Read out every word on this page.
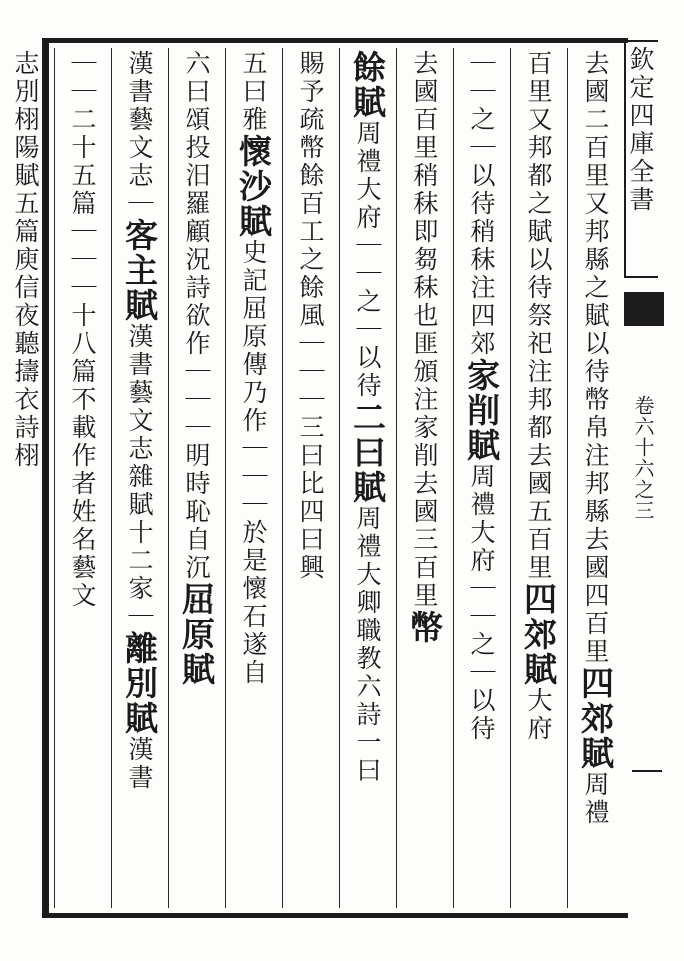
欽定四庫全書
卷六十六之三
去國二百里又邦縣之賦以待幣帛注邦縣去國四百里四郊賦周禮
百里又邦都之賦以待祭祀注邦都去國五百里四郊賦大府
｜｜之｜以待稍秣注四郊家削賦周禮大府｜｜之｜以待
去國百里稍秣即芻秣也匪頒注家削去國三百里幣
餘賦周禮大府｜｜之｜以待二曰賦周禮大卿職教六詩一曰
賜予疏幣餘百工之餘風｜｜｜三曰比四曰興
五曰雅懷沙賦史記屈原傳乃作｜｜｜於是懷石遂自
六曰頌投汨羅顧況詩欲作｜｜｜明時恥自沉屈原賦
漢書藝文志｜客主賦漢書藝文志雜賦十二家｜離別賦漢書
｜｜二十五篇｜｜｜十八篇不載作者姓名藝文
志別栩陽賦五篇庾信夜聽擣衣詩栩
